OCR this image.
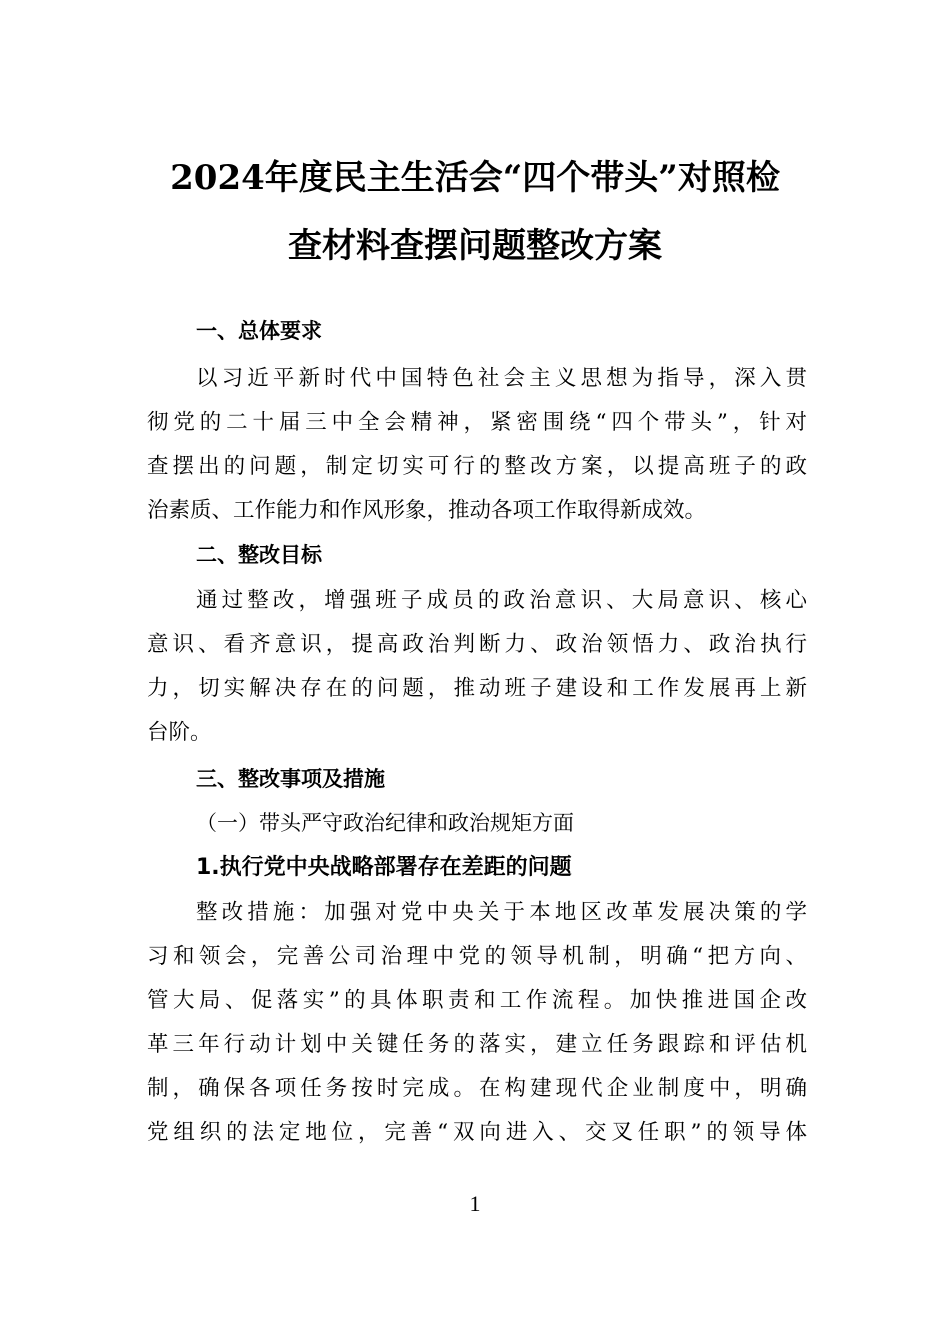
2024年度民主生活会“四个带头”对照检
查材料查摆问题整改方案
一、总体要求
以习近平新时代中国特色社会主义思想为指导，深入贯
彻党的二十届三中全会精神，紧密围绕“四个带头”，针对
查摆出的问题，制定切实可行的整改方案，以提高班子的政
治素质、工作能力和作风形象，推动各项工作取得新成效。
二、整改目标
通过整改，增强班子成员的政治意识、大局意识、核心
意识、看齐意识，提高政治判断力、政治领悟力、政治执行
力，切实解决存在的问题，推动班子建设和工作发展再上新
台阶。
三、整改事项及措施
（一）带头严守政治纪律和政治规矩方面
1.执行党中央战略部署存在差距的问题
整改措施：加强对党中央关于本地区改革发展决策的学
习和领会，完善公司治理中党的领导机制，明确“把方向、
管大局、促落实”的具体职责和工作流程。加快推进国企改
革三年行动计划中关键任务的落实，建立任务跟踪和评估机
制，确保各项任务按时完成。在构建现代企业制度中，明确
党组织的法定地位，完善“双向进入、交叉任职”的领导体
1
